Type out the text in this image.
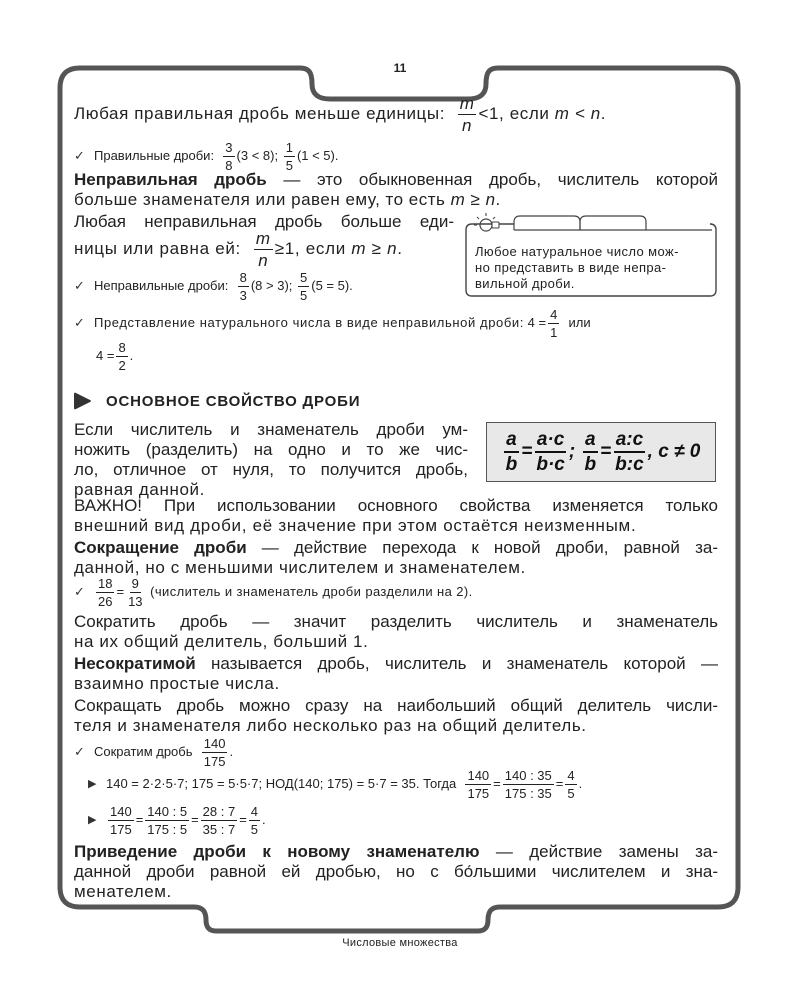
11
Любая правильная дробь меньше единицы:
$\frac{m}{n} <1$, если
m < n .
✓ Правильные дроби:
$\frac{3}{8} (3 < 8)$;
$\frac{1}{5} (1 < 5)$.
Неправильная дробь — это обыкновенная дробь, числитель которой
больше знаменателя или равен ему, то есть m ≥ n.
Любая неправильная дробь больше еди-
ницы или равна ей:
$\frac{m}{n} \ge 1$, если
m ≥ n .
✓ Неправильные дроби:
$\frac{8}{3} (8 > 3)$;
$\frac{5}{5} (5 = 5)$.
Любое натуральное число мож-
но представить в виде непра-
вильной дроби.
✓ Представление натурального числа в виде неправильной дроби:
$4 = \frac{4}{1}$
или
$4 = \frac{8}{2}$ .
ОСНОВНОЕ СВОЙСТВО ДРОБИ
Если числитель и знаменатель дроби ум-
ножить (разделить) на одно и то же чис-
ло, отличное от нуля, то получится дробь,
равная данной.
$\frac{a}{b} = \frac{a\cdot c}{b\cdot c}$ ;
$\frac{a}{b} = \frac{a:c}{b:c}$ , c ≠ 0
ВАЖНО! При использовании основного свойства изменяется только
внешний вид дроби, её значение при этом остаётся неизменным.
Сокращение дроби — действие перехода к новой дроби, равной за-
данной, но с меньшими числителем и знаменателем.
✓ $\frac{18}{26} = \frac{9}{13}$
(числитель и знаменатель дроби разделили на 2).
Сократить дробь — значит разделить числитель и знаменатель
на их общий делитель, больший 1.
Несократимой называется дробь, числитель и знаменатель которой —
взаимно простые числа.
Сокращать дробь можно сразу на наибольший общий делитель числи-
теля и знаменателя либо несколько раз на общий делитель.
✓ Сократим дробь
$\frac{140}{175}$ .
▶ 140 = 2·2·5·7; 175 = 5·5·7; НОД(140; 175) = 5·7 = 35. Тогда
$\frac{140}{175} = \frac{140 : 35}{175 : 35} = \frac{4}{5}$ .
▶ $\frac{140}{175} = \frac{140 : 5}{175 : 5} = \frac{28 : 7}{35 : 7} = \frac{4}{5}$ .
Приведение дроби к новому знаменателю — действие замены за-
данной дроби равной ей дробью, но с бо́льшими числителем и зна-
менателем.
Числовые множества
